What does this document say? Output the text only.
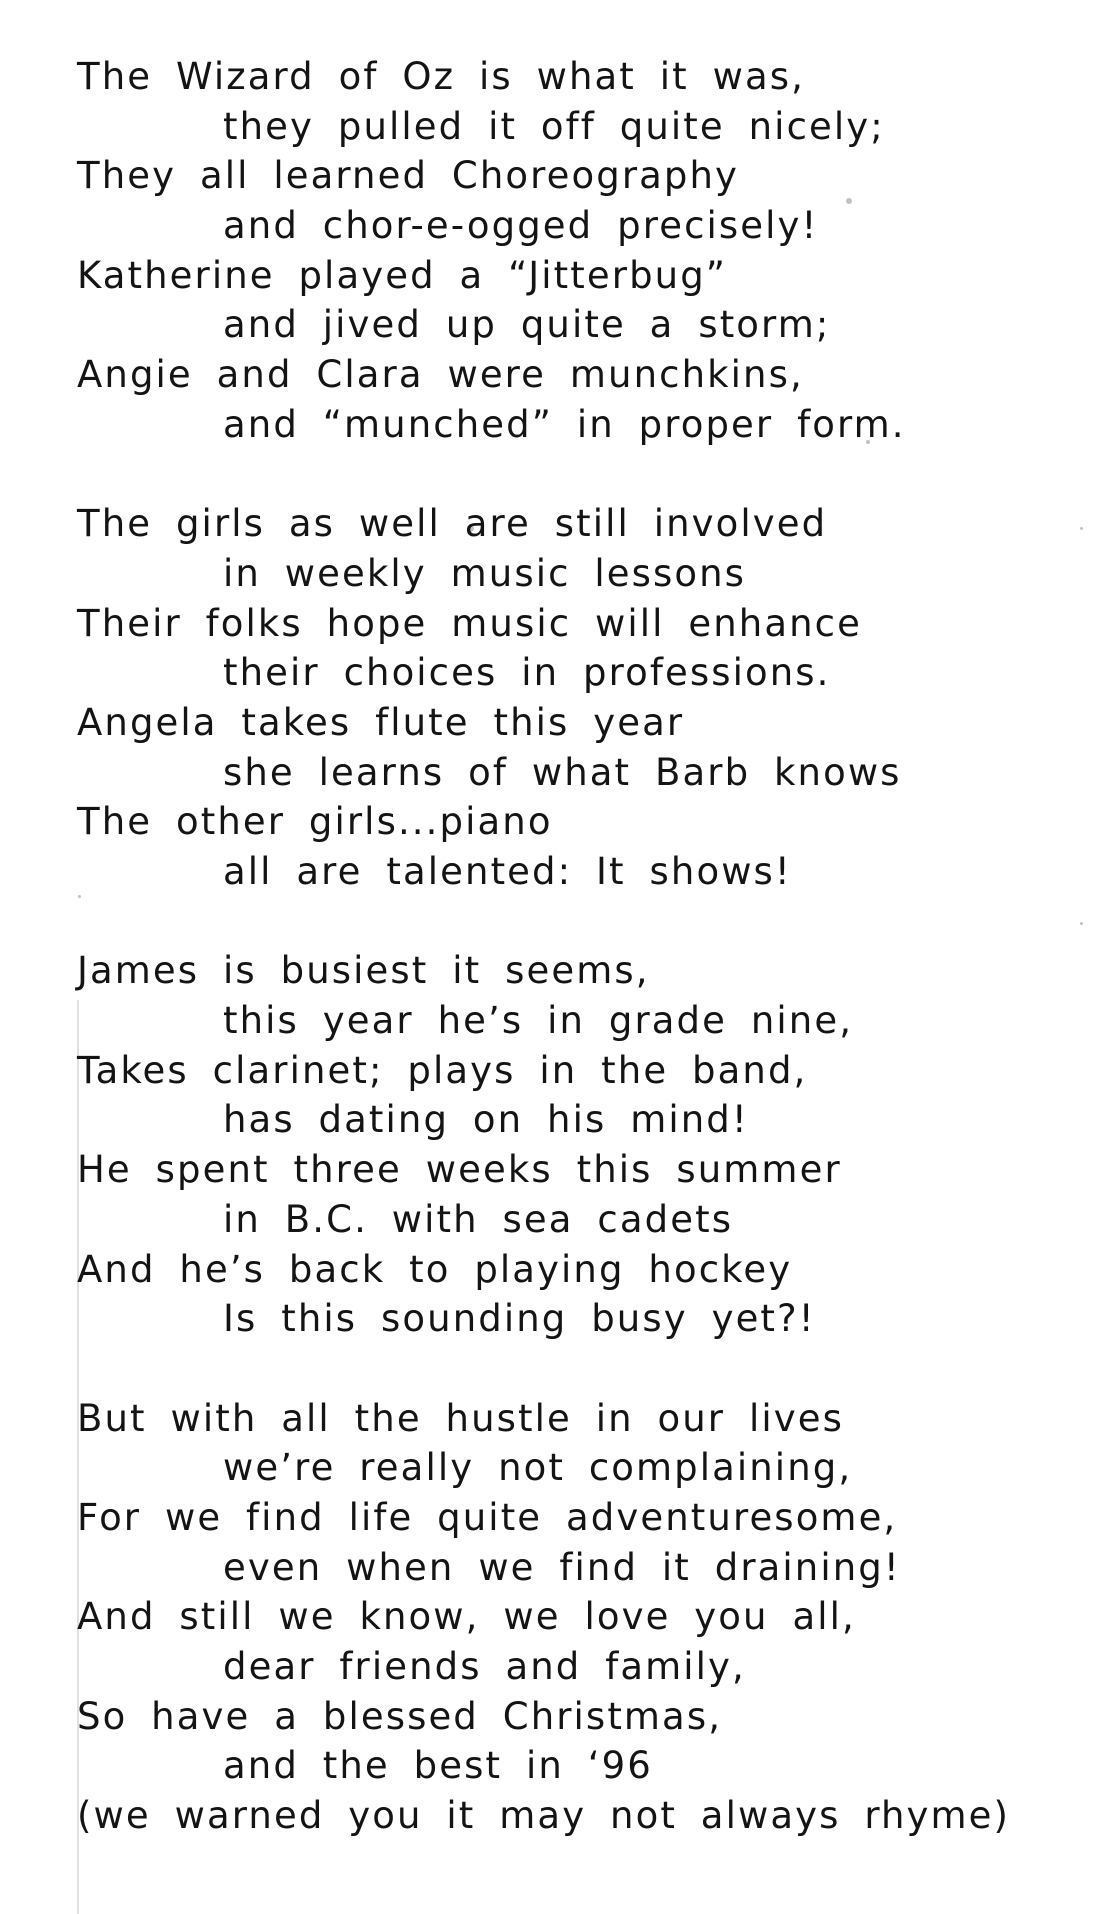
The Wizard of Oz is what it was,
they pulled it off quite nicely;
They all learned Choreography
and chor-e-ogged precisely!
Katherine played a “Jitterbug”
and jived up quite a storm;
Angie and Clara were munchkins,
and “munched” in proper form.
The girls as well are still involved
in weekly music lessons
Their folks hope music will enhance
their choices in professions.
Angela takes flute this year
she learns of what Barb knows
The other girls...piano
all are talented: It shows!
James is busiest it seems,
this year he’s in grade nine,
Takes clarinet; plays in the band,
has dating on his mind!
He spent three weeks this summer
in B.C. with sea cadets
And he’s back to playing hockey
Is this sounding busy yet?!
But with all the hustle in our lives
we’re really not complaining,
For we find life quite adventuresome,
even when we find it draining!
And still we know, we love you all,
dear friends and family,
So have a blessed Christmas,
and the best in ‘96
(we warned you it may not always rhyme)
